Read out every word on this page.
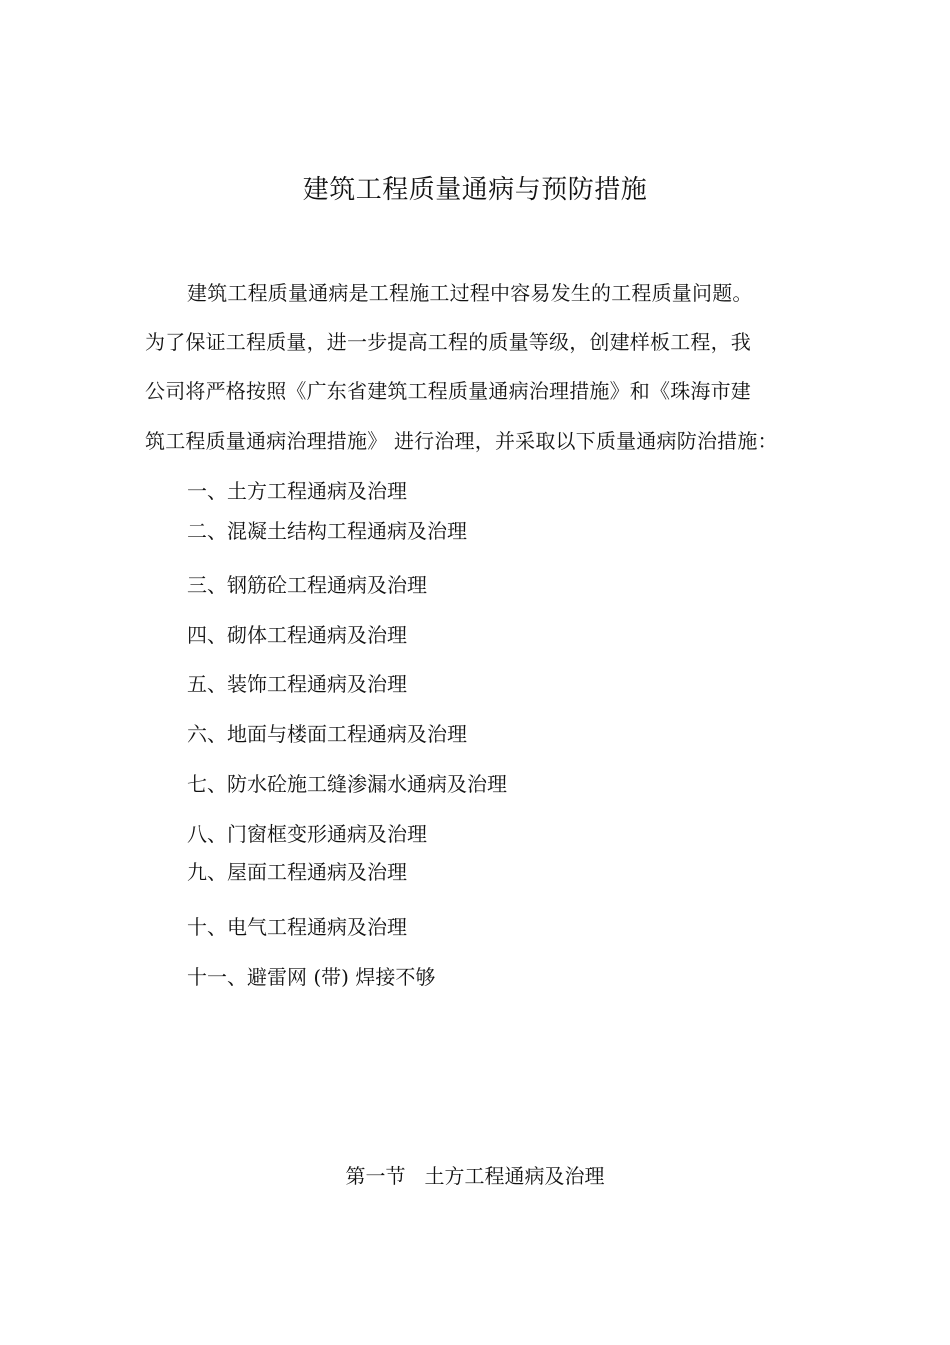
建筑工程质量通病与预防措施
建筑工程质量通病是工程施工过程中容易发生的工程质量问题。
为了保证工程质量，进一步提高工程的质量等级，创建样板工程，我
公司将严格按照《广东省建筑工程质量通病治理措施》和《珠海市建
筑工程质量通病治理措施》 进行治理，并采取以下质量通病防治措施：
一、土方工程通病及治理
二、混凝土结构工程通病及治理
三、钢筋砼工程通病及治理
四、砌体工程通病及治理
五、装饰工程通病及治理
六、地面与楼面工程通病及治理
七、防水砼施工缝渗漏水通病及治理
八、门窗框变形通病及治理
九、屋面工程通病及治理
十、电气工程通病及治理
十一、避雷网 (带) 焊接不够
第一节   土方工程通病及治理
